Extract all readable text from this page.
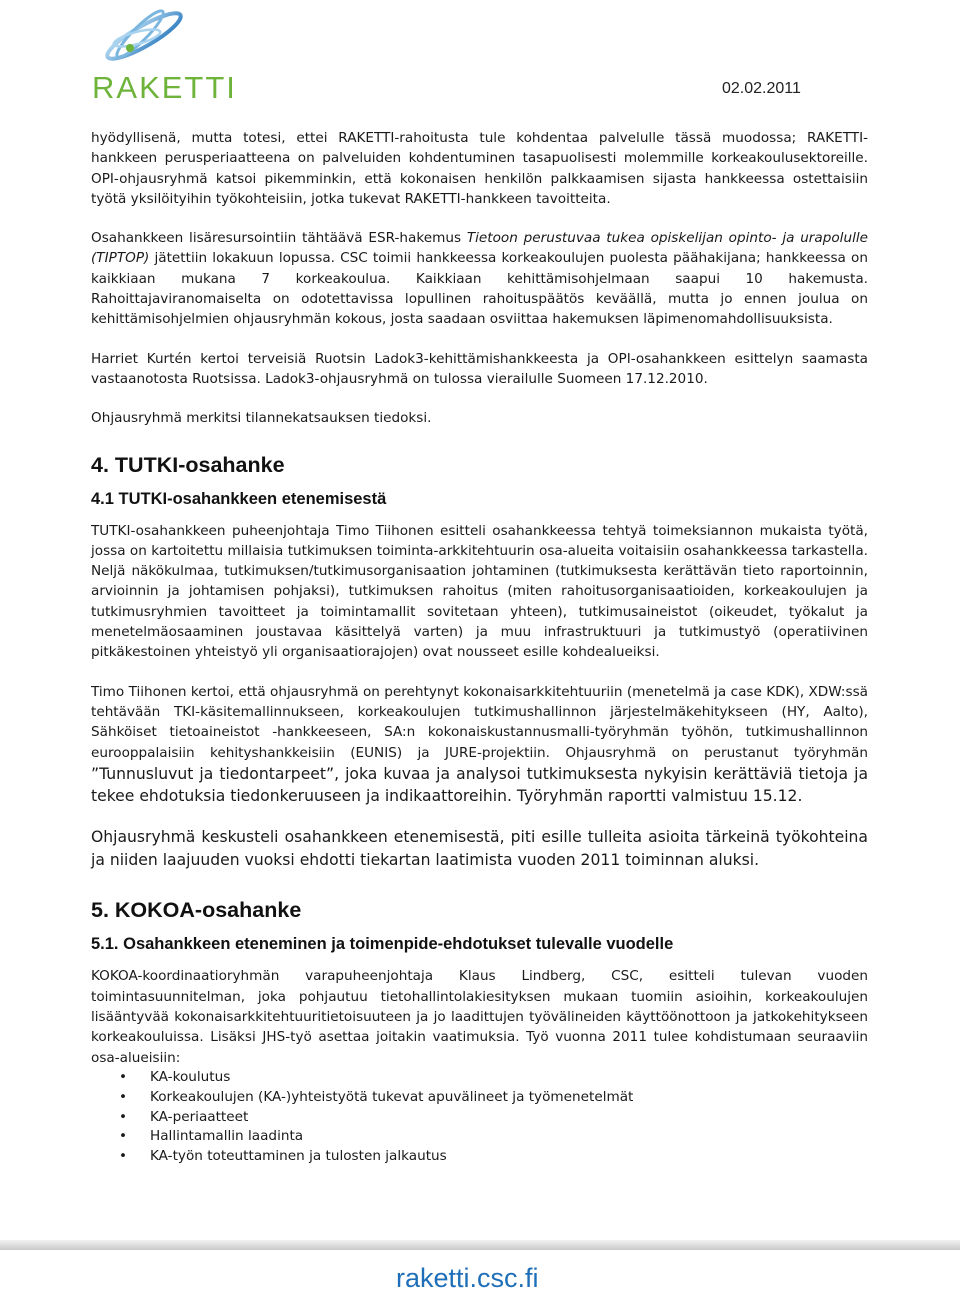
RAKETTI	02.02.2011

hyödyllisenä, mutta totesi, ettei RAKETTI-rahoitusta tule kohdentaa palvelulle tässä muodossa; RAKETTI-hankkeen perusperiaatteena on palveluiden kohdentuminen tasapuolisesti molemmille korkeakoulusektoreille. OPI-ohjausryhmä katsoi pikemminkin, että kokonaisen henkilön palkkaamisen sijasta hankkeessa ostettaisiin työtä yksilöityihin työkohteisiin, jotka tukevat RAKETTI-hankkeen tavoitteita.

Osahankkeen lisäresursointiin tähtäävä ESR-hakemus Tietoon perustuvaa tukea opiskelijan opinto- ja urapolulle (TIPTOP) jätettiin lokakuun lopussa. CSC toimii hankkeessa korkeakoulujen puolesta päähakijana; hankkeessa on kaikkiaan mukana 7 korkeakoulua. Kaikkiaan kehittämisohjelmaan saapui 10 hakemusta. Rahoittajaviranomaiselta on odotettavissa lopullinen rahoituspäätös keväällä, mutta jo ennen joulua on kehittämisohjelmien ohjausryhmän kokous, josta saadaan osviittaa hakemuksen läpimenomahdollisuuksista.

Harriet Kurtén kertoi terveisiä Ruotsin Ladok3-kehittämishankkeesta ja OPI-osahankkeen esittelyn saamasta vastaanotosta Ruotsissa. Ladok3-ohjausryhmä on tulossa vierailulle Suomeen 17.12.2010.

Ohjausryhmä merkitsi tilannekatsauksen tiedoksi.

4. TUTKI-osahanke
4.1 TUTKI-osahankkeen etenemisestä

TUTKI-osahankkeen puheenjohtaja Timo Tiihonen esitteli osahankkeessa tehtyä toimeksiannon mukaista työtä, jossa on kartoitettu millaisia tutkimuksen toiminta-arkkitehtuurin osa-alueita voitaisiin osahankkeessa tarkastella. Neljä näkökulmaa, tutkimuksen/tutkimusorganisaation johtaminen (tutkimuksesta kerättävän tieto raportoinnin, arvioinnin ja johtamisen pohjaksi), tutkimuksen rahoitus (miten rahoitusorganisaatioiden, korkeakoulujen ja tutkimusryhmien tavoitteet ja toimintamallit sovitetaan yhteen), tutkimusaineistot (oikeudet, työkalut ja menetelmäosaaminen joustavaa käsittelyä varten) ja muu infrastruktuuri ja tutkimustyö (operatiivinen pitkäkestoinen yhteistyö yli organisaatiorajojen) ovat nousseet esille kohdealueiksi.

Timo Tiihonen kertoi, että ohjausryhmä on perehtynyt kokonaisarkkitehtuuriin (menetelmä ja case KDK), XDW:ssä tehtävään TKI-käsitemallinnukseen, korkeakoulujen tutkimushallinnon järjestelmäkehitykseen (HY, Aalto), Sähköiset tietoaineistot -hankkeeseen, SA:n kokonaiskustannusmalli-työryhmän työhön, tutkimushallinnon eurooppalaisiin kehityshankkeisiin (EUNIS) ja JURE-projektiin. Ohjausryhmä on perustanut työryhmän ”Tunnusluvut ja tiedontarpeet”, joka kuvaa ja analysoi tutkimuksesta nykyisin kerättäviä tietoja ja tekee ehdotuksia tiedonkeruuseen ja indikaattoreihin. Työryhmän raportti valmistuu 15.12.

Ohjausryhmä keskusteli osahankkeen etenemisestä, piti esille tulleita asioita tärkeinä työkohteina ja niiden laajuuden vuoksi ehdotti tiekartan laatimista vuoden 2011 toiminnan aluksi.

5. KOKOA-osahanke
5.1. Osahankkeen eteneminen ja toimenpide-ehdotukset tulevalle vuodelle

KOKOA-koordinaatioryhmän varapuheenjohtaja Klaus Lindberg, CSC, esitteli tulevan vuoden toimintasuunnitelman, joka pohjautuu tietohallintolakiesityksen mukaan tuomiin asioihin, korkeakoulujen lisääntyvää kokonaisarkkitehtuuritietoisuuteen ja jo laadittujen työvälineiden käyttöönottoon ja jatkokehitykseen korkeakouluissa. Lisäksi JHS-työ asettaa joitakin vaatimuksia. Työ vuonna 2011 tulee kohdistumaan seuraaviin osa-alueisiin:

• KA-koulutus
• Korkeakoulujen (KA-)yhteistyötä tukevat apuvälineet ja työmenetelmät
• KA-periaatteet
• Hallintamallin laadinta
• KA-työn toteuttaminen ja tulosten jalkautus
raketti.csc.fi
